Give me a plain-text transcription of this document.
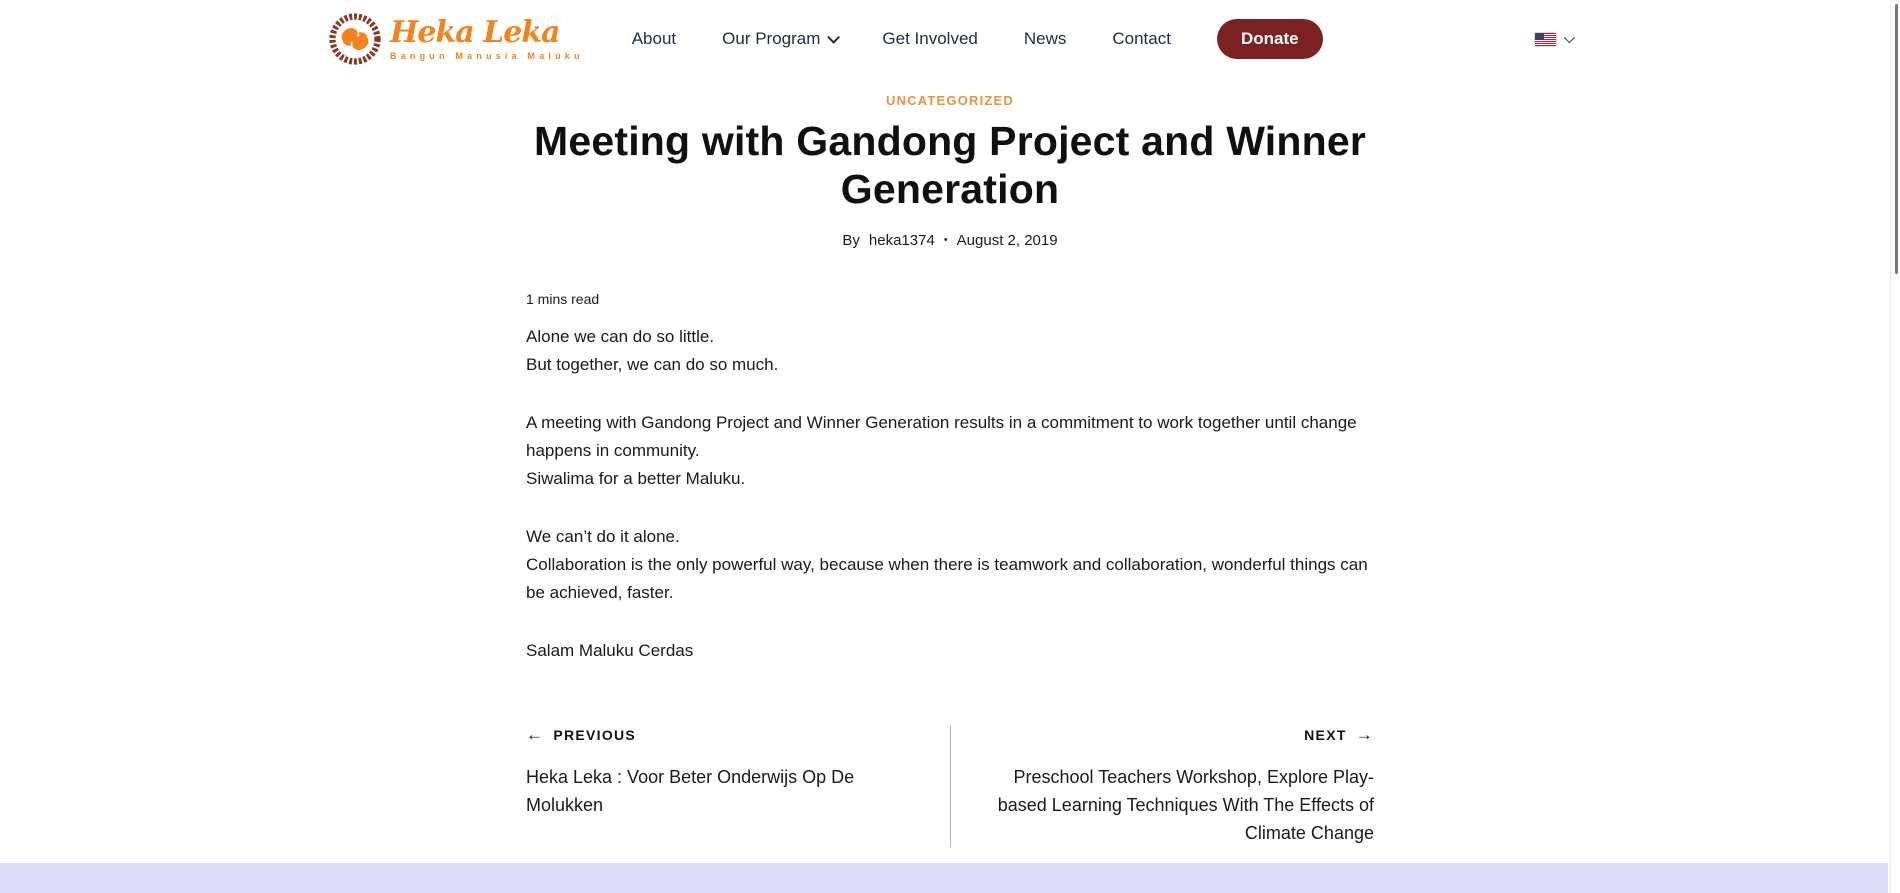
Heka Leka
Bangun Manusia Maluku
About	Our Program	Get Involved	News	Contact	Donate
UNCATEGORIZED
Meeting with Gandong Project and Winner Generation
By heka1374 • August 2, 2019
1 mins read

Alone we can do so little.
But together, we can do so much.

A meeting with Gandong Project and Winner Generation results in a commitment to work together until change happens in community.
Siwalima for a better Maluku.

We can’t do it alone.
Collaboration is the only powerful way, because when there is teamwork and collaboration, wonderful things can be achieved, faster.

Salam Maluku Cerdas

← PREVIOUS
Heka Leka : Voor Beter Onderwijs Op De Molukken
NEXT →
Preschool Teachers Workshop, Explore Play-based Learning Techniques With The Effects of Climate Change
